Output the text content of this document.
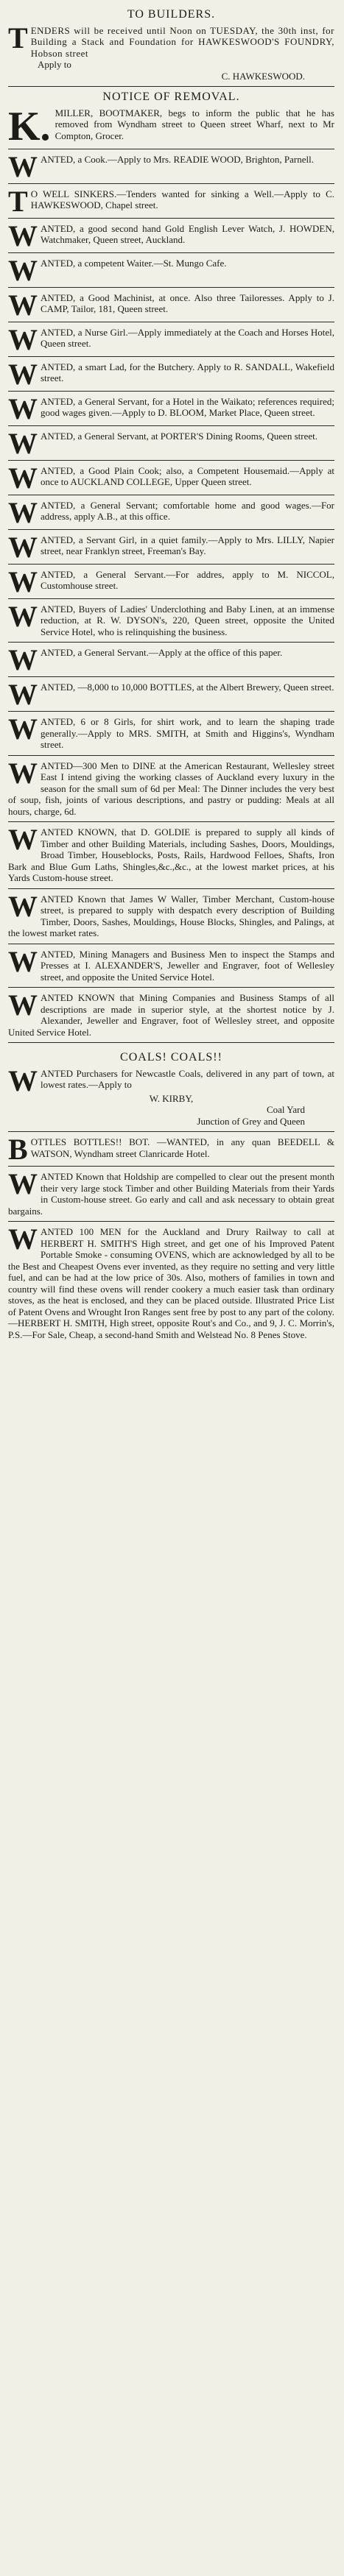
TO BUILDERS.
T ENDERS will be received until Noon on TUESDAY, the 30th inst, for Building a Stack and Foundation for HAWKESWOOD'S FOUNDRY, Hobson street

Apply to

C. HAWKESWOOD.

NOTICE OF REMOVAL.
K. MILLER, BOOTMAKER, begs to inform the public that he has removed from Wyndham street to Queen street Wharf, next to Mr Compton, Grocer.
WANTED, a Cook.—Apply to Mrs. READIE WOOD, Brighton, Parnell.
T O WELL SINKERS.—Tenders wanted for sinking a Well.—Apply to C. HAWKESWOOD, Chapel street.
WANTED, a good second hand Gold English Lever Watch, J. HOWDEN, Watchmaker, Queen street, Auckland.
WANTED, a competent Waiter.—St. Mungo Cafe.
WANTED, a Good Machinist, at once. Also three Tailoresses. Apply to J. CAMP, Tailor, 181, Queen street.
WANTED, a Nurse Girl.—Apply immediately at the Coach and Horses Hotel, Queen street.
WANTED, a smart Lad, for the Butchery. Apply to R. SANDALL, Wakefield street.
WANTED, a General Servant, for a Hotel in the Waikato; references required; good wages given.—Apply to D. BLOOM, Market Place, Queen street.
WANTED, a General Servant, at PORTER'S Dining Rooms, Queen street.
WANTED, a Good Plain Cook; also, a Competent Housemaid.—Apply at once to AUCKLAND COLLEGE, Upper Queen street.
WANTED, a General Servant; comfortable home and good wages.—For address, apply A.B., at this office.
WANTED, a Servant Girl, in a quiet family.—Apply to Mrs. LILLY, Napier street, near Franklyn street, Freeman's Bay.
WANTED, a General Servant.—For addres, apply to M. NICCOL, Customhouse street.
WANTED, Buyers of Ladies' Underclothing and Baby Linen, at an immense reduction, at R. W. DYSON's, 220, Queen street, opposite the United Service Hotel, who is relinquishing the business.
WANTED, a General Servant.—Apply at the office of this paper.
WANTED, —8,000 to 10,000 BOTTLES, at the Albert Brewery, Queen street.
WANTED, 6 or 8 Girls, for shirt work, and to learn the shaping trade generally.—Apply to MRS. SMITH, at Smith and Higgins's, Wyndham street.
WANTED—300 Men to DINE at the American Restaurant, Wellesley street East I intend giving the working classes of Auckland every luxury in the season for the small sum of 6d per Meal: The Dinner includes the very best of soup, fish, joints of various descriptions, and pastry or pudding: Meals at all hours, charge, 6d.
WANTED KNOWN, that D. GOLDIE is prepared to supply all kinds of Timber and other Building Materials, including Sashes, Doors, Mouldings, Broad Timber, Houseblocks, Posts, Rails, Hardwood Felloes, Shafts, Iron Bark and Blue Gum Laths, Shingles,&c.,&c., at the lowest market prices, at his Yards Custom-house street.
WANTED Known that James W Waller, Timber Merchant, Custom-house street, is prepared to supply with despatch every description of Building Timber, Doors, Sashes, Mouldings, House Blocks, Shingles, and Palings, at the lowest market rates.
WANTED, Mining Managers and Business Men to inspect the Stamps and Presses at I. ALEXANDER'S, Jeweller and Engraver, foot of Wellesley street, and opposite the United Service Hotel.
WANTED KNOWN that Mining Companies and Business Stamps of all descriptions are made in superior style, at the shortest notice by J. Alexander, Jeweller and Engraver, foot of Wellesley street, and opposite United Service Hotel.
COALS! COALS!!
W ANTED Purchasers for Newcastle Coals, delivered in any part of town, at lowest rates.—Apply to

W. KIRBY,

Coal Yard

Junction of Grey and Queen

B OTTLES BOTTLES!! BOT. —WANTED, in any quan BEEDELL & WATSON, Wyndham street Clanricarde Hotel.
W ANTED Known that Holdship are compelled to clear out the present month their very large stock Timber and other Building Materials from their Yards in Custom-house street. Go early and call and ask necessary to obtain great bargains.
W ANTED 100 MEN for the Auckland and Drury Railway to call at HERBERT H. SMITH'S High street, and get one of his Improved Patent Portable Smoke - consuming OVENS, which are acknowledged by all to be the Best and Cheapest Ovens ever invented, as they require no setting and very little fuel, and can be had at the low price of 30s. Also, mothers of families in town and country will find these ovens will render cookery a much easier task than ordinary stoves, as the heat is enclosed, and they can be placed outside. Illustrated Price List of Patent Ovens and Wrought Iron Ranges sent free by post to any part of the colony.—HERBERT H. SMITH, High street, opposite Rout's and Co., and 9, J. C. Morrin's, P.S.—For Sale, Cheap, a second-hand Smith and Welstead No. 8 Penes Stove.
